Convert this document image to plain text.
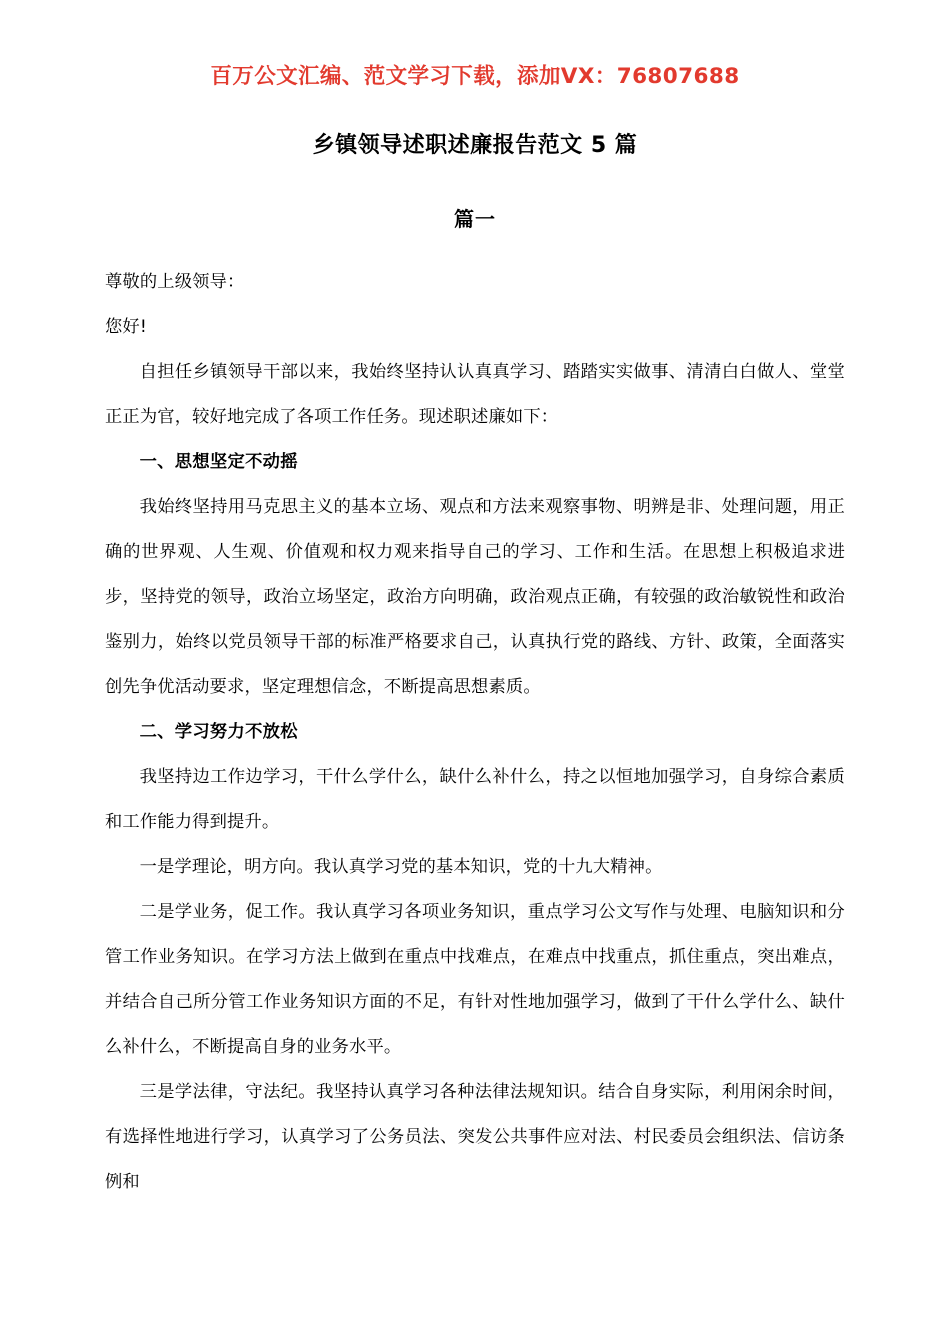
百万公文汇编、范文学习下载，添加VX：76807688
乡镇领导述职述廉报告范文 5 篇
篇一

尊敬的上级领导：

您好!

自担任乡镇领导干部以来，我始终坚持认认真真学习、踏踏实实做事、清清白白做人、堂堂正正为官，较好地完成了各项工作任务。现述职述廉如下：

一、思想坚定不动摇

我始终坚持用马克思主义的基本立场、观点和方法来观察事物、明辨是非、处理问题，用正确的世界观、人生观、价值观和权力观来指导自己的学习、工作和生活。在思想上积极追求进步，坚持党的领导，政治立场坚定，政治方向明确，政治观点正确，有较强的政治敏锐性和政治鉴别力，始终以党员领导干部的标准严格要求自己，认真执行党的路线、方针、政策，全面落实创先争优活动要求，坚定理想信念，不断提高思想素质。

二、学习努力不放松

我坚持边工作边学习，干什么学什么，缺什么补什么，持之以恒地加强学习，自身综合素质和工作能力得到提升。

一是学理论，明方向。我认真学习党的基本知识，党的十九大精神。

二是学业务，促工作。我认真学习各项业务知识，重点学习公文写作与处理、电脑知识和分管工作业务知识。在学习方法上做到在重点中找难点，在难点中找重点，抓住重点，突出难点，并结合自己所分管工作业务知识方面的不足，有针对性地加强学习，做到了干什么学什么、缺什么补什么，不断提高自身的业务水平。

三是学法律，守法纪。我坚持认真学习各种法律法规知识。结合自身实际，利用闲余时间，有选择性地进行学习，认真学习了公务员法、突发公共事件应对法、村民委员会组织法、信访条例和
